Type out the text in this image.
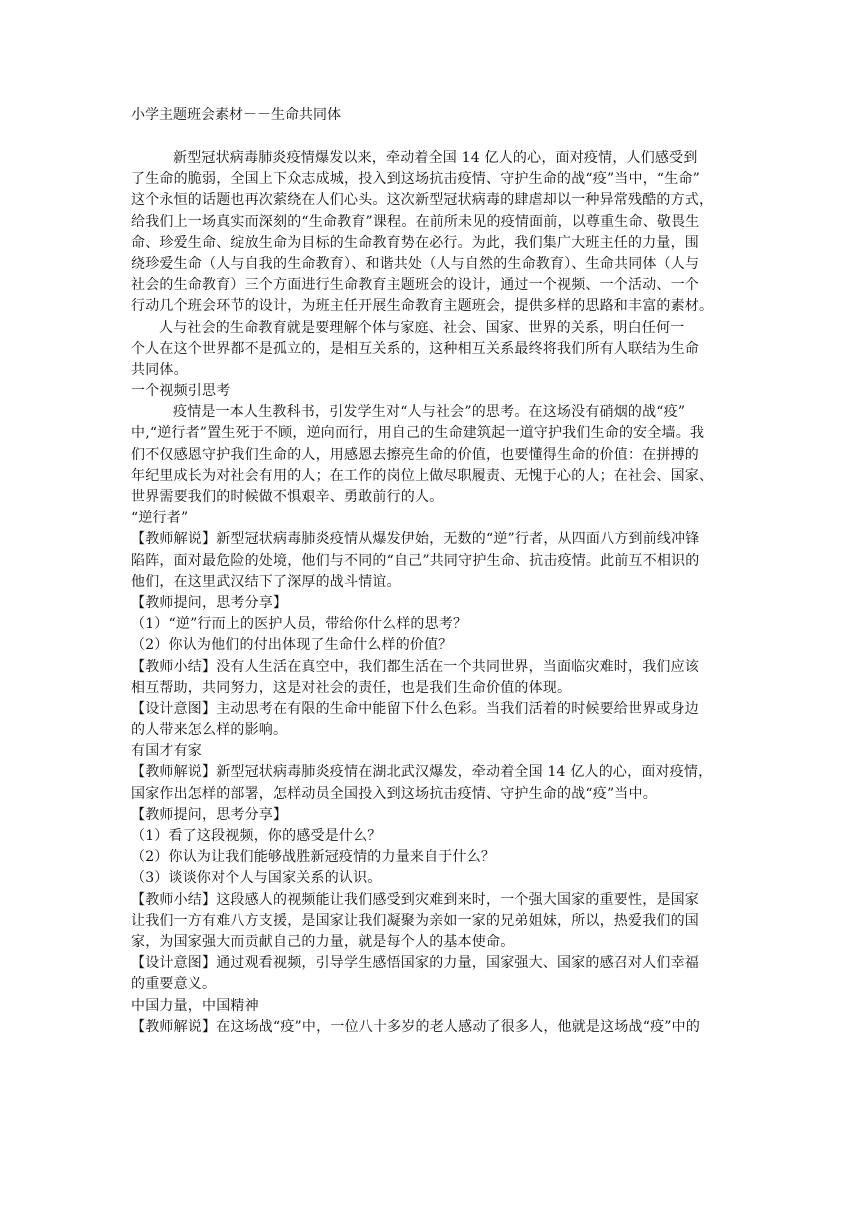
小学主题班会素材－－生命共同体
新型冠状病毒肺炎疫情爆发以来，牵动着全国 14 亿人的心，面对疫情，人们感受到
了生命的脆弱，全国上下众志成城，投入到这场抗击疫情、守护生命的战“疫”当中，“生命”
这个永恒的话题也再次萦绕在人们心头。这次新型冠状病毒的肆虐却以一种异常残酷的方式，
给我们上一场真实而深刻的“生命教育”课程。在前所未见的疫情面前，以尊重生命、敬畏生
命、珍爱生命、绽放生命为目标的生命教育势在必行。为此，我们集广大班主任的力量，围
绕珍爱生命（人与自我的生命教育）、和谐共处（人与自然的生命教育）、生命共同体（人与
社会的生命教育）三个方面进行生命教育主题班会的设计，通过一个视频、一个活动、一个
行动几个班会环节的设计，为班主任开展生命教育主题班会，提供多样的思路和丰富的素材。
人与社会的生命教育就是要理解个体与家庭、社会、国家、世界的关系，明白任何一
个人在这个世界都不是孤立的，是相互关系的，这种相互关系最终将我们所有人联结为生命
共同体。
一个视频引思考
疫情是一本人生教科书，引发学生对“人与社会”的思考。在这场没有硝烟的战“疫”
中,“逆行者”置生死于不顾，逆向而行，用自己的生命建筑起一道守护我们生命的安全墙。我
们不仅感恩守护我们生命的人，用感恩去擦亮生命的价值，也要懂得生命的价值：在拼搏的
年纪里成长为对社会有用的人；在工作的岗位上做尽职履责、无愧于心的人；在社会、国家、
世界需要我们的时候做不惧艰辛、勇敢前行的人。
“逆行者”
【教师解说】新型冠状病毒肺炎疫情从爆发伊始，无数的“逆”行者，从四面八方到前线冲锋
陷阵，面对最危险的处境，他们与不同的“自己”共同守护生命、抗击疫情。此前互不相识的
他们，在这里武汉结下了深厚的战斗情谊。
【教师提问，思考分享】
（1）“逆”行而上的医护人员，带给你什么样的思考？
（2）你认为他们的付出体现了生命什么样的价值？
【教师小结】没有人生活在真空中，我们都生活在一个共同世界，当面临灾难时，我们应该
相互帮助，共同努力，这是对社会的责任，也是我们生命价值的体现。
【设计意图】主动思考在有限的生命中能留下什么色彩。当我们活着的时候要给世界或身边
的人带来怎么样的影响。
有国才有家
【教师解说】新型冠状病毒肺炎疫情在湖北武汉爆发，牵动着全国 14 亿人的心，面对疫情，
国家作出怎样的部署，怎样动员全国投入到这场抗击疫情、守护生命的战“疫”当中。
【教师提问，思考分享】
（1）看了这段视频，你的感受是什么？
（2）你认为让我们能够战胜新冠疫情的力量来自于什么？
（3）谈谈你对个人与国家关系的认识。
【教师小结】这段感人的视频能让我们感受到灾难到来时，一个强大国家的重要性，是国家
让我们一方有难八方支援，是国家让我们凝聚为亲如一家的兄弟姐妹，所以，热爱我们的国
家，为国家强大而贡献自己的力量，就是每个人的基本使命。
【设计意图】通过观看视频，引导学生感悟国家的力量，国家强大、国家的感召对人们幸福
的重要意义。
中国力量，中国精神
【教师解说】在这场战“疫”中，一位八十多岁的老人感动了很多人，他就是这场战“疫”中的
